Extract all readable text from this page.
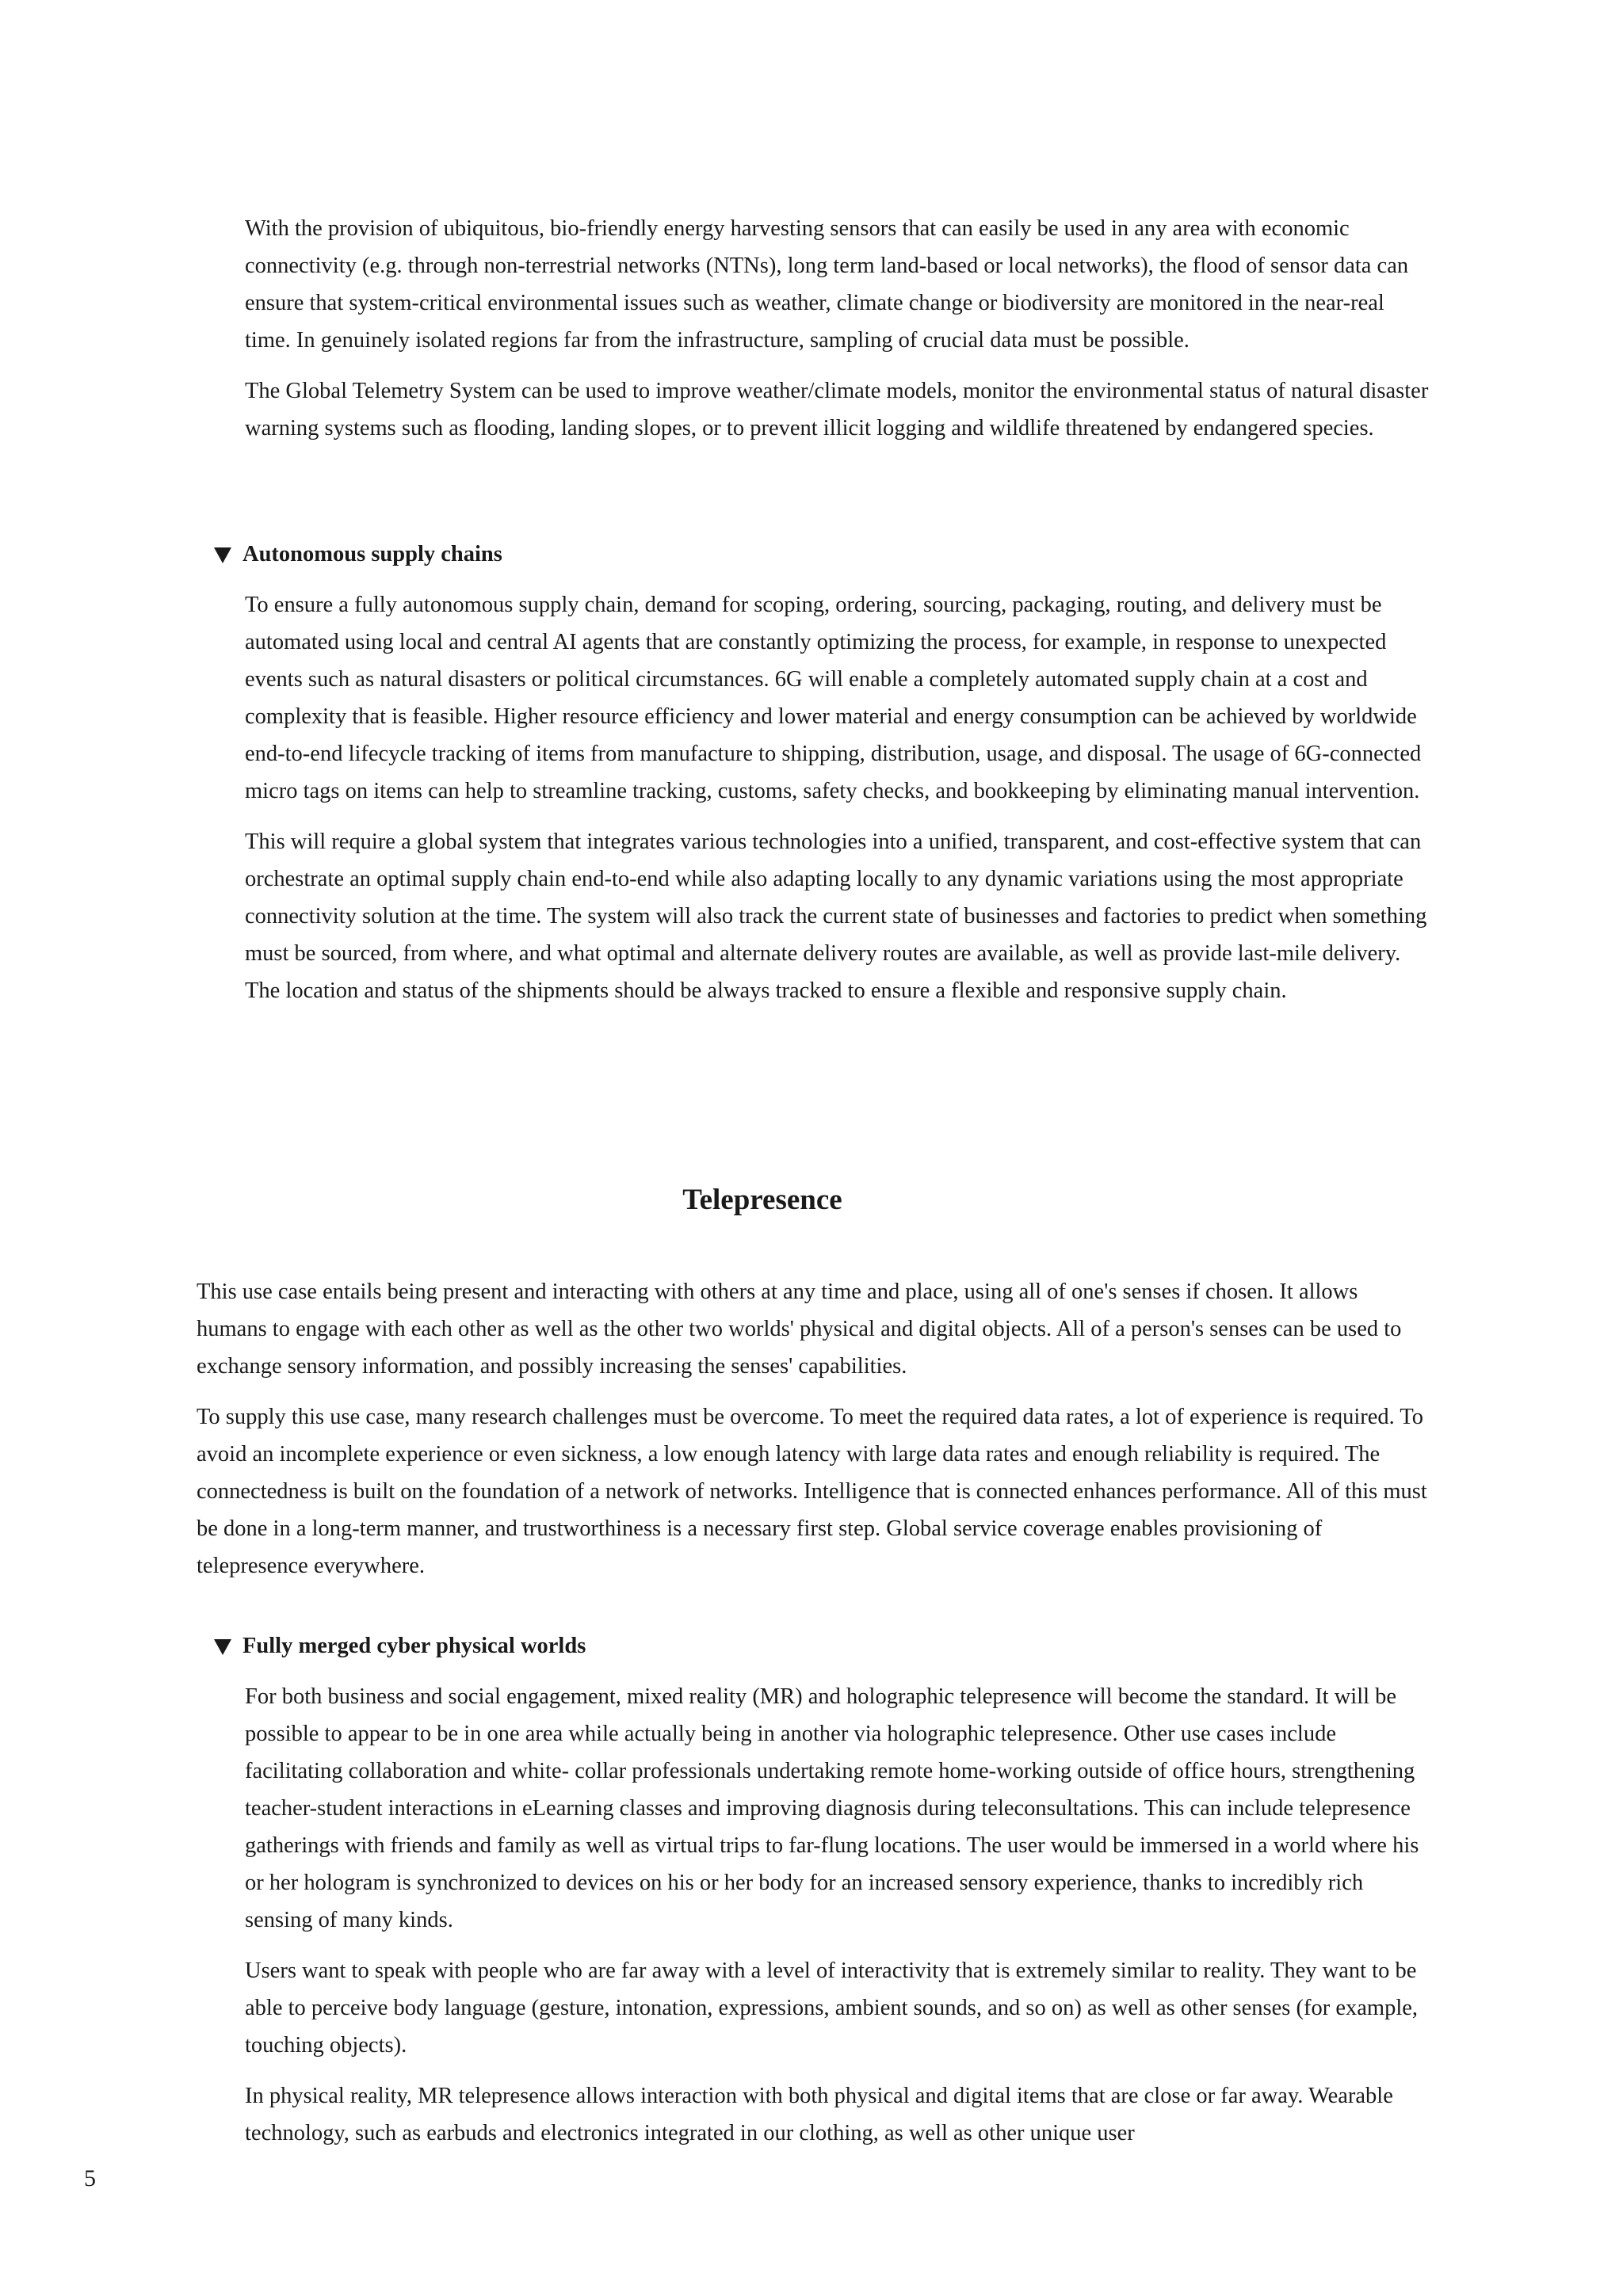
With the provision of ubiquitous, bio-friendly energy harvesting sensors that can easily be used in any area with economic connectivity (e.g. through non-terrestrial networks (NTNs), long term land-based or local networks), the flood of sensor data can ensure that system-critical environmental issues such as weather, climate change or biodiversity are monitored in the near-real time. In genuinely isolated regions far from the infrastructure, sampling of crucial data must be possible.

The Global Telemetry System can be used to improve weather/climate models, monitor the environmental status of natural disaster warning systems such as flooding, landing slopes, or to prevent illicit logging and wildlife threatened by endangered species.

Autonomous supply chains

To ensure a fully autonomous supply chain, demand for scoping, ordering, sourcing, packaging, routing, and delivery must be automated using local and central AI agents that are constantly optimizing the process, for example, in response to unexpected events such as natural disasters or political circumstances. 6G will enable a completely automated supply chain at a cost and complexity that is feasible. Higher resource efficiency and lower material and energy consumption can be achieved by worldwide end-to-end lifecycle tracking of items from manufacture to shipping, distribution, usage, and disposal. The usage of 6G-connected micro tags on items can help to streamline tracking, customs, safety checks, and bookkeeping by eliminating manual intervention.

This will require a global system that integrates various technologies into a unified, transparent, and cost-effective system that can orchestrate an optimal supply chain end-to-end while also adapting locally to any dynamic variations using the most appropriate connectivity solution at the time. The system will also track the current state of businesses and factories to predict when something must be sourced, from where, and what optimal and alternate delivery routes are available, as well as provide last-mile delivery. The location and status of the shipments should be always tracked to ensure a flexible and responsive supply chain.

Telepresence

This use case entails being present and interacting with others at any time and place, using all of one's senses if chosen. It allows humans to engage with each other as well as the other two worlds' physical and digital objects. All of a person's senses can be used to exchange sensory information, and possibly increasing the senses' capabilities.

To supply this use case, many research challenges must be overcome. To meet the required data rates, a lot of experience is required. To avoid an incomplete experience or even sickness, a low enough latency with large data rates and enough reliability is required. The connectedness is built on the foundation of a network of networks. Intelligence that is connected enhances performance. All of this must be done in a long-term manner, and trustworthiness is a necessary first step. Global service coverage enables provisioning of telepresence everywhere.

Fully merged cyber physical worlds

For both business and social engagement, mixed reality (MR) and holographic telepresence will become the standard. It will be possible to appear to be in one area while actually being in another via holographic telepresence. Other use cases include facilitating collaboration and white- collar professionals undertaking remote home-working outside of office hours, strengthening teacher-student interactions in eLearning classes and improving diagnosis during teleconsultations. This can include telepresence gatherings with friends and family as well as virtual trips to far-flung locations. The user would be immersed in a world where his or her hologram is synchronized to devices on his or her body for an increased sensory experience, thanks to incredibly rich sensing of many kinds.

Users want to speak with people who are far away with a level of interactivity that is extremely similar to reality. They want to be able to perceive body language (gesture, intonation, expressions, ambient sounds, and so on) as well as other senses (for example, touching objects).

In physical reality, MR telepresence allows interaction with both physical and digital items that are close or far away. Wearable technology, such as earbuds and electronics integrated in our clothing, as well as other unique user

5
